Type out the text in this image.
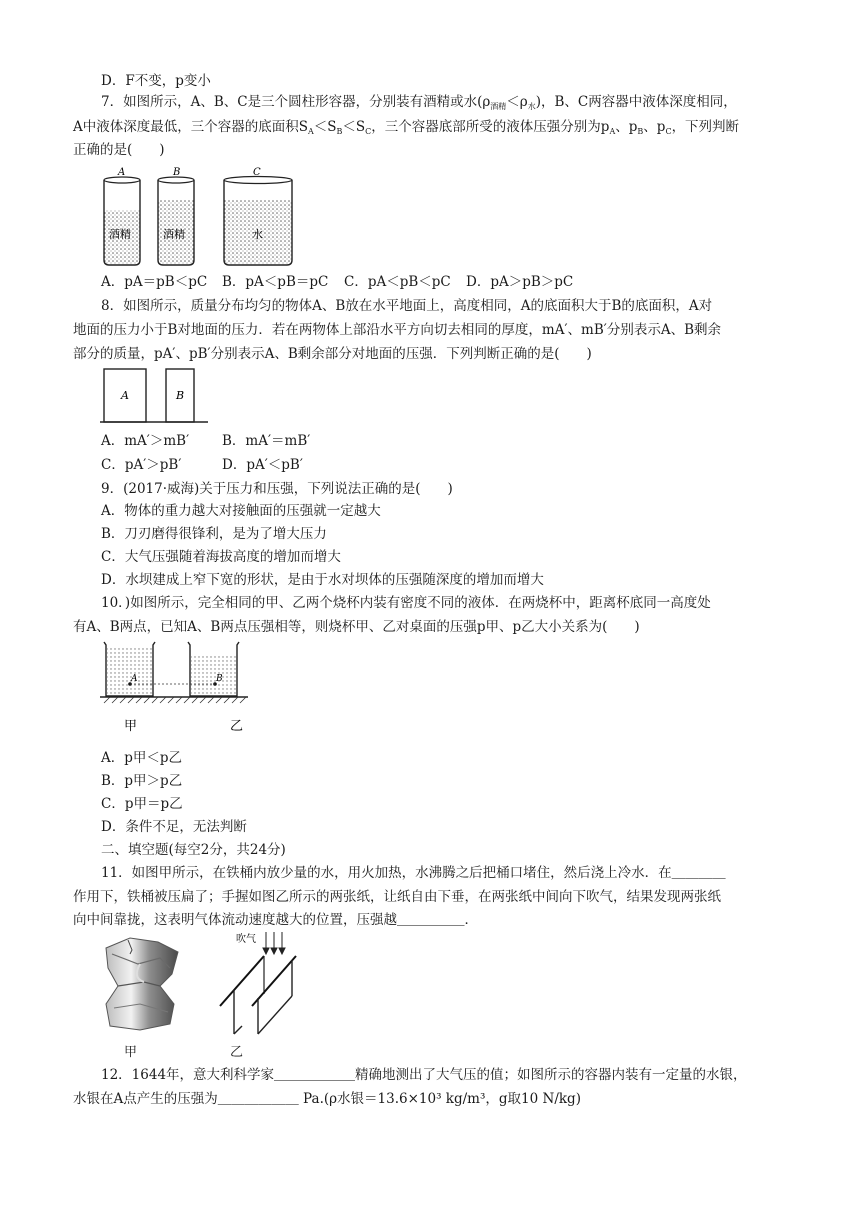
D．F不变，p变小
7．如图所示，A、B、C是三个圆柱形容器，分别装有酒精或水$(\rho_{酒精}<\rho_水)$，B、C两容器中液体深度相同，
A中液体深度最低，三个容器的底面积$S_A<S_B<S_C$，三个容器底部所受的液体压强分别为$p_A$、$p_B$、$p_C$，下列判断
正确的是(　　)
A
酒精
B
酒精
C
水
A．pA＝pB＜pC B．pA＜pB＝pC C．pA＜pB＜pC D．pA＞pB＞pC
8．如图所示，质量分布均匀的物体A、B放在水平地面上，高度相同，A的底面积大于B的底面积，A对
地面的压力小于B对地面的压力．若在两物体上部沿水平方向切去相同的厚度，mA′、mB′分别表示A、B剩余
部分的质量，pA′、pB′分别表示A、B剩余部分对地面的压强．下列判断正确的是(　　)
A	B
A．mA′＞mB′ B．mA′＝mB′
C．pA′＞pB′	D．pA′＜pB′
9．(2017·威海)关于压力和压强，下列说法正确的是(　　)
A．物体的重力越大对接触面的压强就一定越大
B．刀刃磨得很锋利，是为了增大压力
C．大气压强随着海拔高度的增加而增大
D．水坝建成上窄下宽的形状，是由于水对坝体的压强随深度的增加而增大
10．)如图所示，完全相同的甲、乙两个烧杯内装有密度不同的液体．在两烧杯中，距离杯底同一高度处
有A、B两点，已知A、B两点压强相等，则烧杯甲、乙对桌面的压强p甲、p乙大小关系为(　　)
A	B
甲	乙
A．p甲＜p乙
B．p甲＞p乙
C．p甲＝p乙
D．条件不足，无法判断
二、填空题(每空2分，共24分)
11．如图甲所示，在铁桶内放少量的水，用火加热，水沸腾之后把桶口堵住，然后浇上冷水．在＿＿＿＿
作用下，铁桶被压扁了；手握如图乙所示的两张纸，让纸自由下垂，在两张纸中间向下吹气，结果发现两张纸
向中间靠拢，这表明气体流动速度越大的位置，压强越＿＿＿＿＿．
甲
吹气
乙
12．1644年，意大利科学家＿＿＿＿＿＿精确地测出了大气压的值；如图所示的容器内装有一定量的水银，
水银在A点产生的压强为＿＿＿＿＿＿ Pa.(ρ水银＝13.6×10³ kg/m³，g取10 N/kg)
